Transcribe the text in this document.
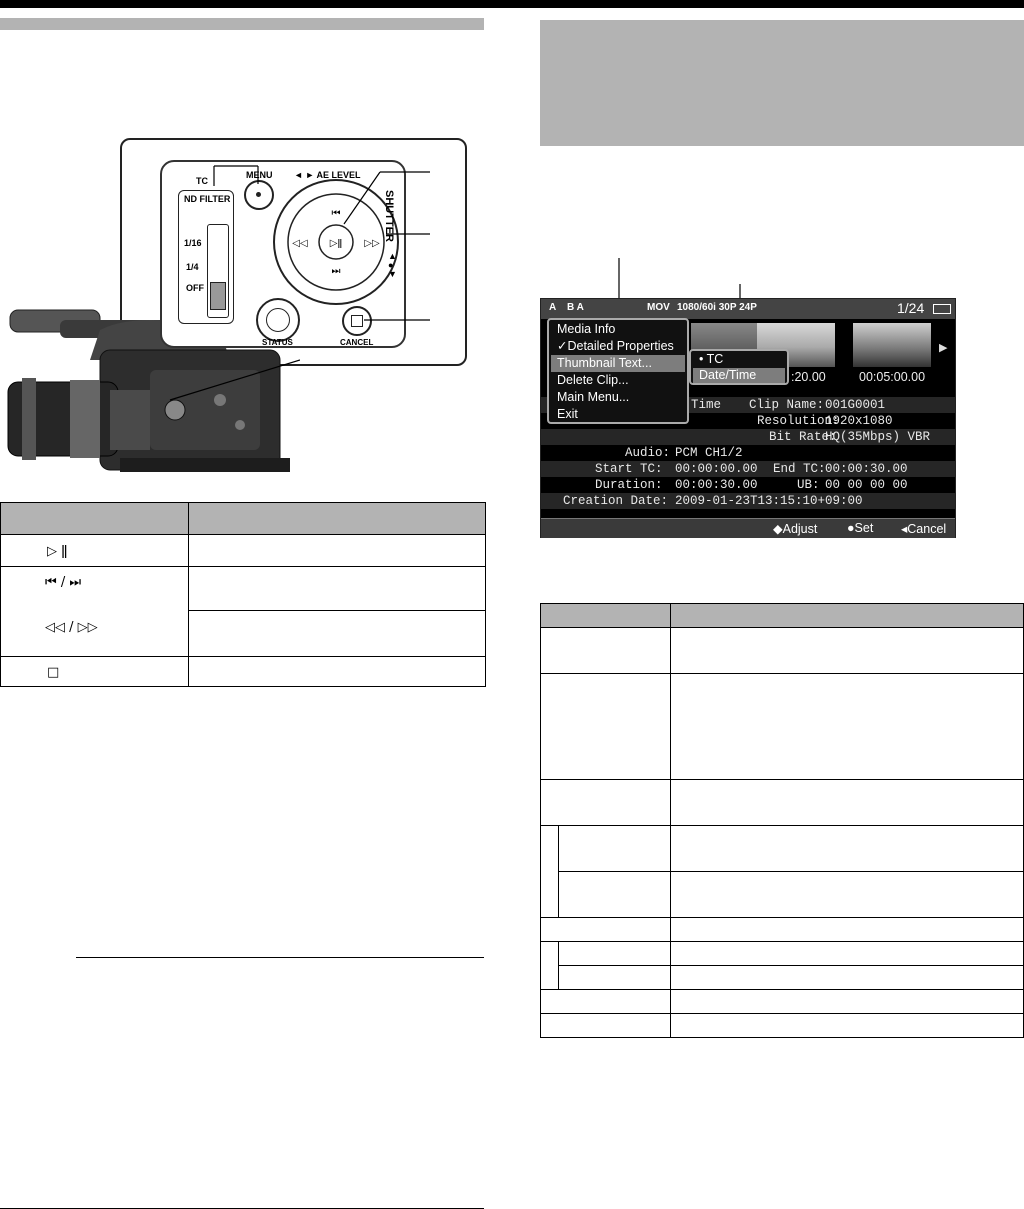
TC
MENU ◄ ► AE LEVEL
ND FILTER
1/16
1/4
OFF
⏮
⏭
◁◁	▷▷
▷ǁ
SHUTTER
▲
●
▼
STATUS	CANCEL

▷ ǁ	

⏮ / ⏭
◁◁ / ▷▷	

□	
A B A	MOV 1080/60i 30P 24P	1/24
:20.00	00:05:00.00
▶
Time Clip Name: 001G0001
Resolution:
1920x1080
Bit Rate:
HQ(35Mbps) VBR
Audio: PCM CH1/2
Start TC: 00:00:00.00 End TC: 00:00:30.00
Duration: 00:00:30.00	UB: 00 00 00 00
Creation Date: 2009-01-23T13:15:10+09:00
Media Info
✓Detailed Properties
Thumbnail Text...
Delete Clip...
Main Menu...
Exit
• TC
Date/Time
◆Adjust ●Set ◂Cancel
